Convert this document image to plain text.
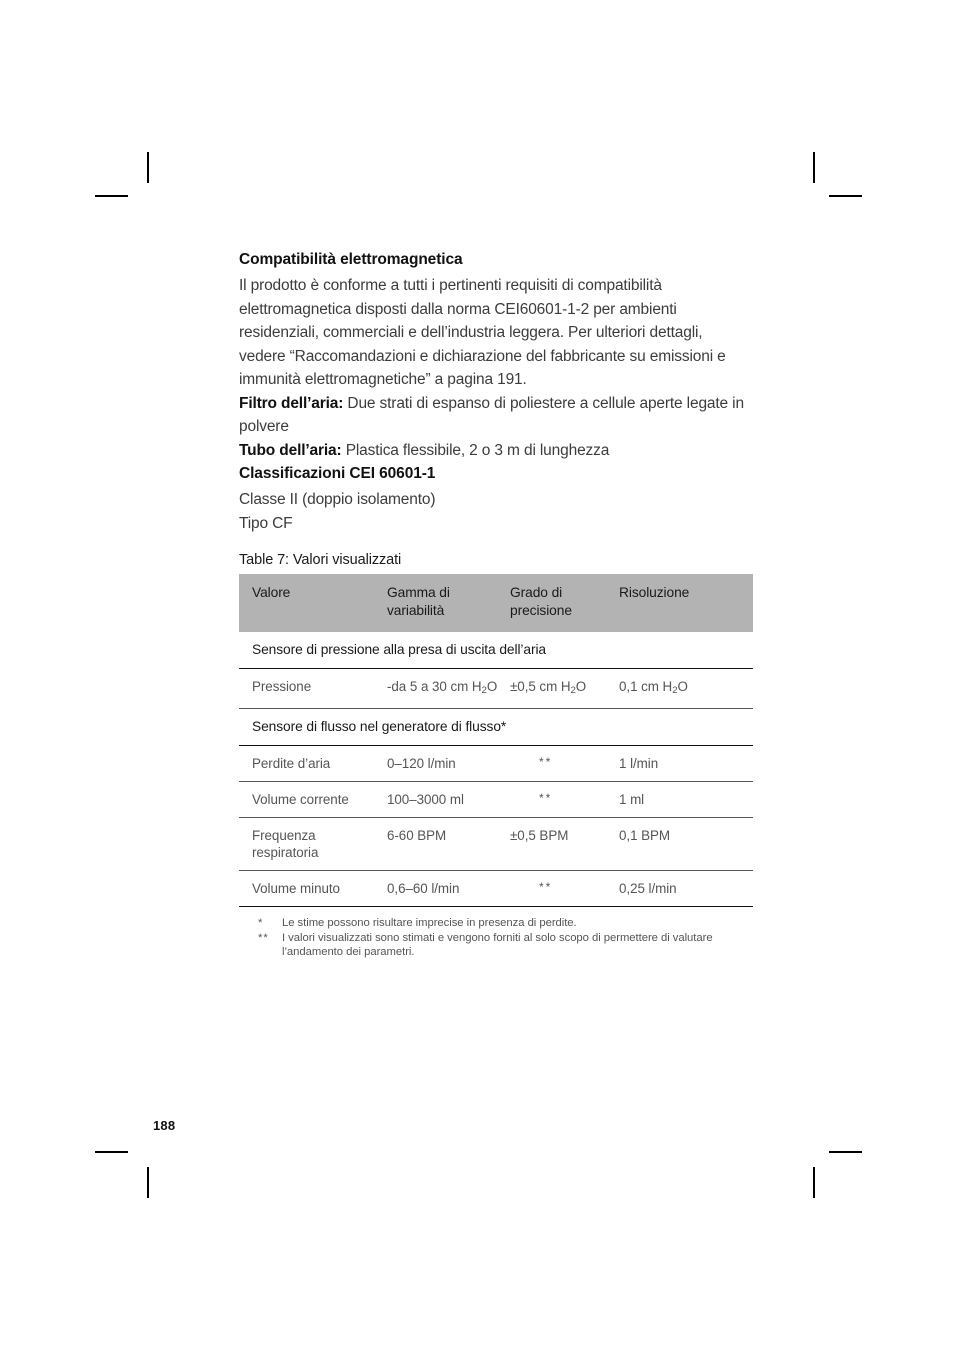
Compatibilità elettromagnetica

Il prodotto è conforme a tutti i pertinenti requisiti di compatibilità elettromagnetica disposti dalla norma CEI60601-1-2 per ambienti residenziali, commerciali e dell’industria leggera. Per ulteriori dettagli, vedere “Raccomandazioni e dichiarazione del fabbricante su emissioni e immunità elettromagnetiche” a pagina 191.

Filtro dell’aria: Due strati di espanso di poliestere a cellule aperte legate in polvere

Tubo dell’aria: Plastica flessibile, 2 o 3 m di lunghezza

Classificazioni CEI 60601-1

Classe II (doppio isolamento)

Tipo CF

Table 7: Valori visualizzati

Valore	Gamma di variabilità	Grado di precisione	Risoluzione
Sensore di pressione alla presa di uscita dell’aria			
Pressione	-da 5 a 30 cm $H_2O$	±0,5 cm $H_2O$	0,1 cm $H_2O$
Sensore di flusso nel generatore di flusso*			
Perdite d’aria	0–120 l/min	**	1 l/min
Volume corrente	100–3000 ml	**	1 ml
Frequenza respiratoria	6-60 BPM	±0,5 BPM	0,1 BPM
Volume minuto	0,6–60 l/min	**	0,25 l/min
*	Le stime possono risultare imprecise in presenza di perdite.
**	I valori visualizzati sono stimati e vengono forniti al solo scopo di permettere di valutare
l’andamento dei parametri.
188
